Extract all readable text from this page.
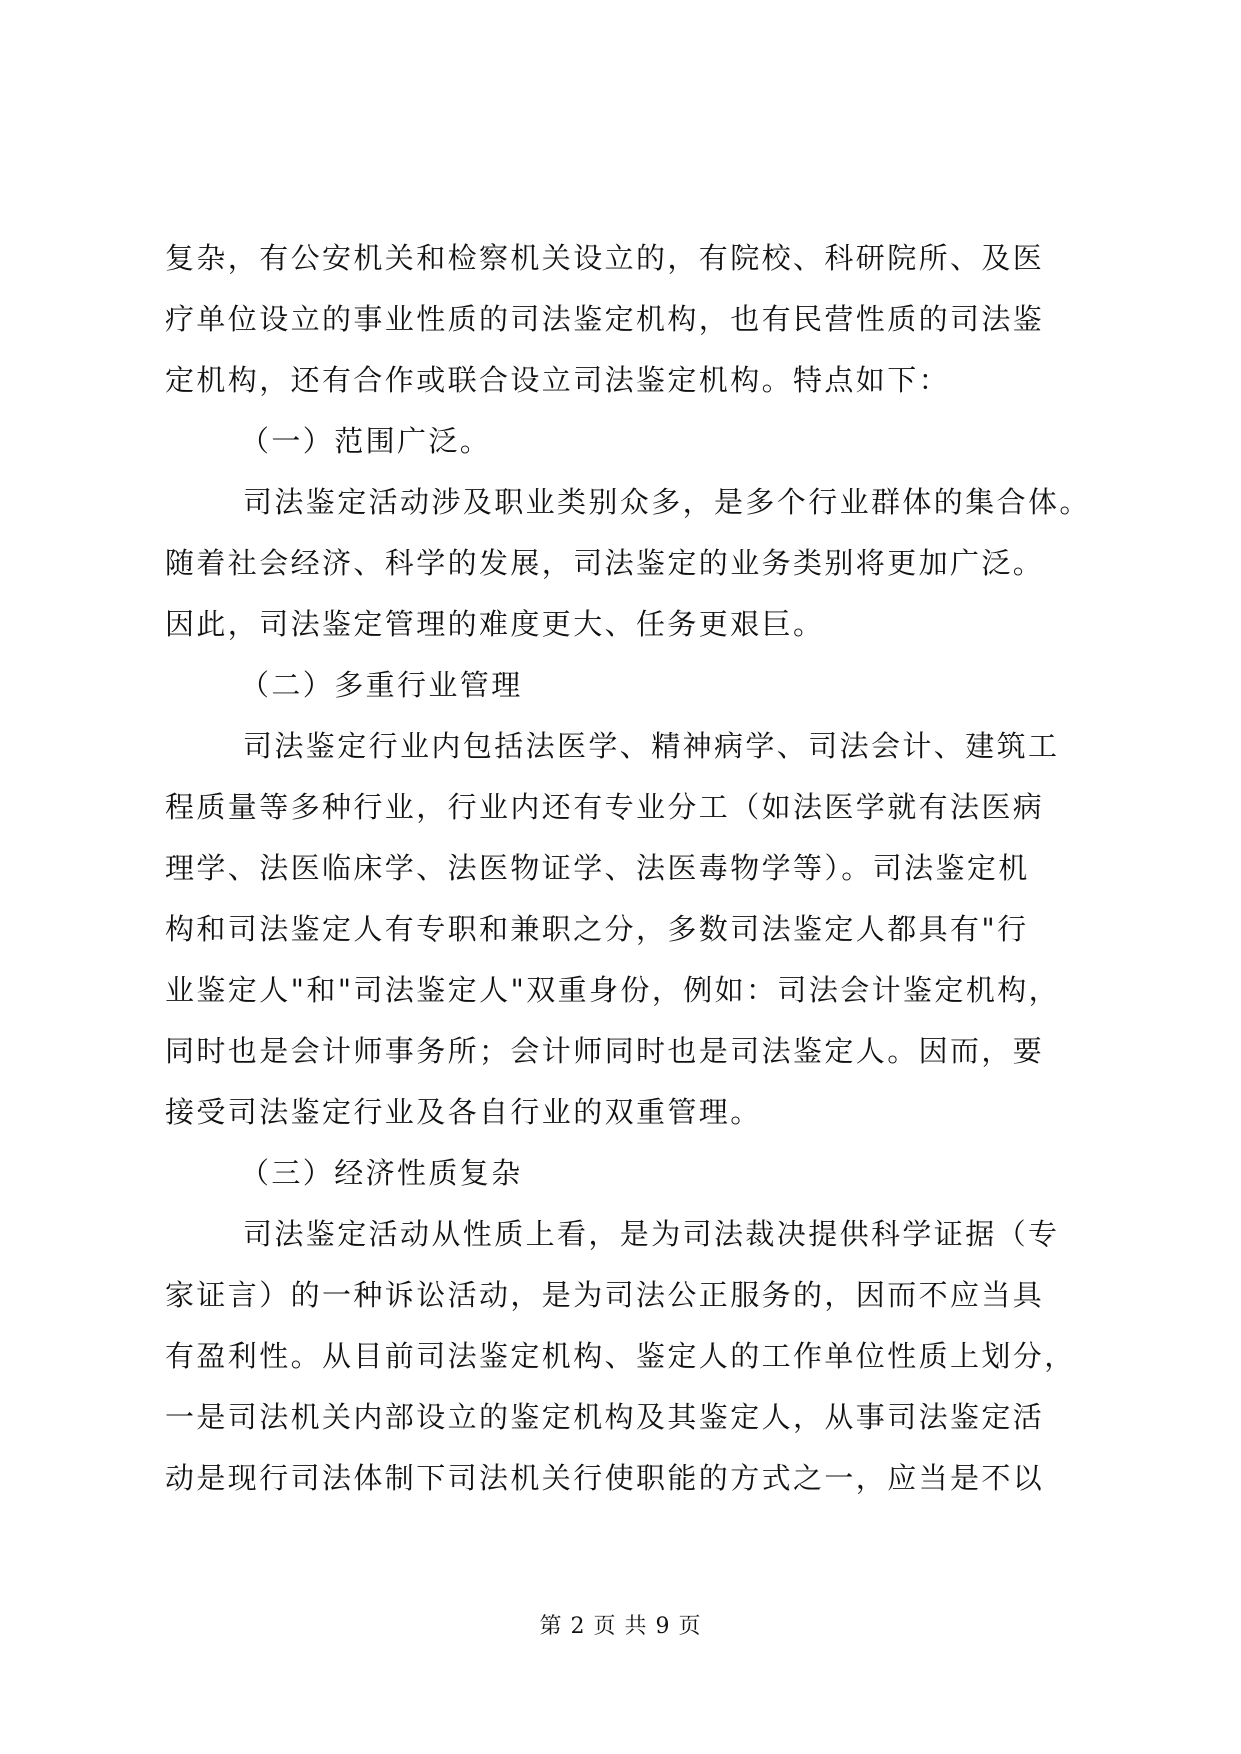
复杂，有公安机关和检察机关设立的，有院校、科研院所、及医
疗单位设立的事业性质的司法鉴定机构，也有民营性质的司法鉴
定机构，还有合作或联合设立司法鉴定机构。特点如下：
（一）范围广泛。
司法鉴定活动涉及职业类别众多，是多个行业群体的集合体。
随着社会经济、科学的发展，司法鉴定的业务类别将更加广泛。
因此，司法鉴定管理的难度更大、任务更艰巨。
（二）多重行业管理
司法鉴定行业内包括法医学、精神病学、司法会计、建筑工
程质量等多种行业，行业内还有专业分工（如法医学就有法医病
理学、法医临床学、法医物证学、法医毒物学等）。司法鉴定机
构和司法鉴定人有专职和兼职之分，多数司法鉴定人都具有"行
业鉴定人"和"司法鉴定人"双重身份，例如：司法会计鉴定机构，
同时也是会计师事务所；会计师同时也是司法鉴定人。因而，要
接受司法鉴定行业及各自行业的双重管理。
（三）经济性质复杂
司法鉴定活动从性质上看，是为司法裁决提供科学证据（专
家证言）的一种诉讼活动，是为司法公正服务的，因而不应当具
有盈利性。从目前司法鉴定机构、鉴定人的工作单位性质上划分，
一是司法机关内部设立的鉴定机构及其鉴定人，从事司法鉴定活
动是现行司法体制下司法机关行使职能的方式之一，应当是不以
第 2 页 共 9 页
